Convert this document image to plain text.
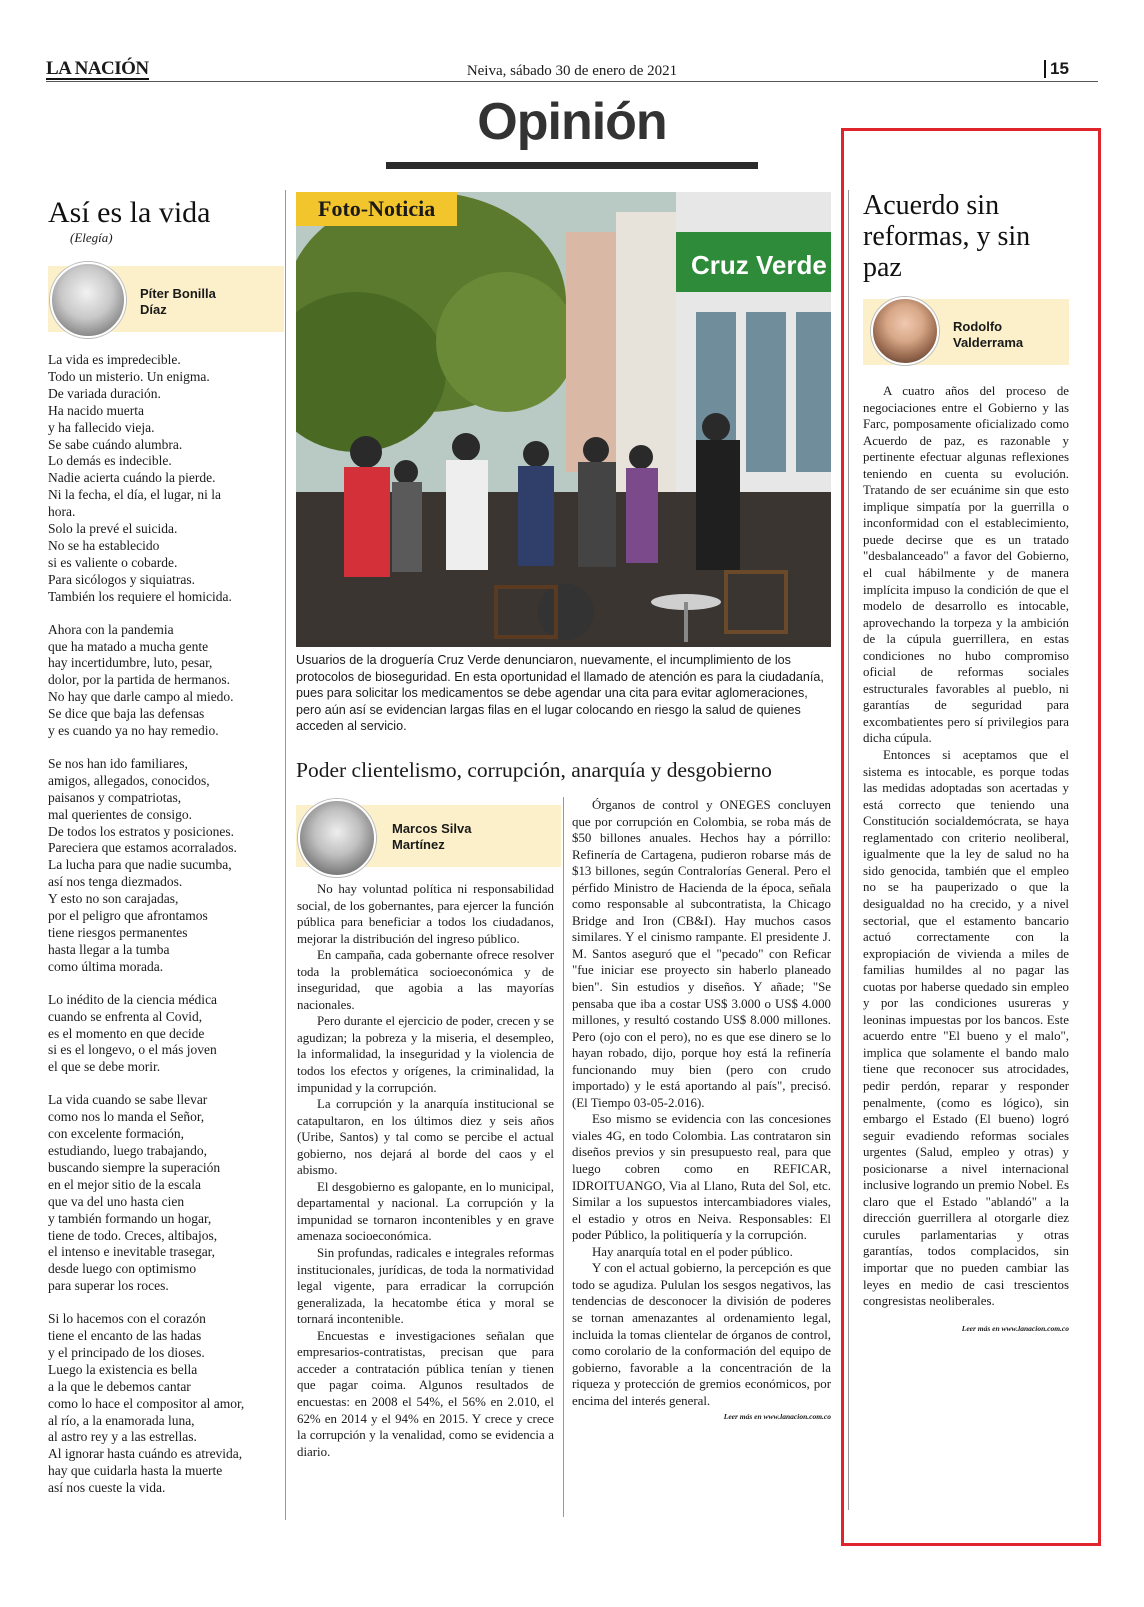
LA NACIÓN	Neiva, sábado 30 de enero de 2021	15
Opinión
Así es la vida
(Elegía)
Píter Bonilla
Díaz
La vida es impredecible.
Todo un misterio. Un enigma.
De variada duración.
Ha nacido muerta
y ha fallecido vieja.
Se sabe cuándo alumbra.
Lo demás es indecible.
Nadie acierta cuándo la pierde.
Ni la fecha, el día, el lugar, ni la
hora.
Solo la prevé el suicida.
No se ha establecido
si es valiente o cobarde.
Para sicólogos y siquiatras.
También los requiere el homicida.
Ahora con la pandemia
que ha matado a mucha gente
hay incertidumbre, luto, pesar,
dolor, por la partida de hermanos.
No hay que darle campo al miedo.
Se dice que baja las defensas
y es cuando ya no hay remedio.
Se nos han ido familiares,
amigos, allegados, conocidos,
paisanos y compatriotas,
mal querientes de consigo.
De todos los estratos y posiciones.
Pareciera que estamos acorralados.
La lucha para que nadie sucumba,
así nos tenga diezmados.
Y esto no son carajadas,
por el peligro que afrontamos
tiene riesgos permanentes
hasta llegar a la tumba
como última morada.
Lo inédito de la ciencia médica
cuando se enfrenta al Covid,
es el momento en que decide
si es el longevo, o el más joven
el que se debe morir.
La vida cuando se sabe llevar
como nos lo manda el Señor,
con excelente formación,
estudiando, luego trabajando,
buscando siempre la superación
en el mejor sitio de la escala
que va del uno hasta cien
y también formando un hogar,
tiene de todo. Creces, altibajos,
el intenso e inevitable trasegar,
desde luego con optimismo
para superar los roces.
Si lo hacemos con el corazón
tiene el encanto de las hadas
y el principado de los dioses.
Luego la existencia es bella
a la que le debemos cantar
como lo hace el compositor al amor,
al río, a la enamorada luna,
al astro rey y a las estrellas.
Al ignorar hasta cuándo es atrevida,
hay que cuidarla hasta la muerte
así nos cueste la vida.
Cruz Verde
Foto-Noticia
Usuarios de la droguería Cruz Verde denunciaron, nuevamente, el incumplimiento de los protocolos de bioseguridad. En esta oportunidad el llamado de atención es para la ciudadanía, pues para solicitar los medicamentos se debe agendar una cita para evitar aglomeraciones, pero aún así se evidencian largas filas en el lugar colocando en riesgo la salud de quienes acceden al servicio.
Poder clientelismo, corrupción, anarquía y desgobierno
Marcos Silva
Martínez

No hay voluntad política ni responsabilidad social, de los gobernantes, para ejercer la función pública para beneficiar a todos los ciudadanos, mejorar la distribución del ingreso público.

En campaña, cada gobernante ofrece resolver toda la problemática socioeconómica y de inseguridad, que agobia a las mayorías nacionales.

Pero durante el ejercicio de poder, crecen y se agudizan; la pobreza y la miseria, el desempleo, la informalidad, la inseguridad y la violencia de todos los efectos y orígenes, la criminalidad, la impunidad y la corrupción.

La corrupción y la anarquía institucional se catapultaron, en los últimos diez y seis años (Uribe, Santos) y tal como se percibe el actual gobierno, nos dejará al borde del caos y el abismo.

El desgobierno es galopante, en lo municipal, departamental y nacional. La corrupción y la impunidad se tornaron incontenibles y en grave amenaza socioeconómica.

Sin profundas, radicales e integrales reformas institucionales, jurídicas, de toda la normatividad legal vigente, para erradicar la corrupción generalizada, la hecatombe ética y moral se tornará incontenible.

Encuestas e investigaciones señalan que empresarios-contratistas, precisan que para acceder a contratación pública tenían y tienen que pagar coima. Algunos resultados de encuestas: en 2008 el 54%, el 56% en 2.010, el 62% en 2014 y el 94% en 2015. Y crece y crece la corrupción y la venalidad, como se evidencia a diario.

Órganos de control y ONEGES concluyen que por corrupción en Colombia, se roba más de $50 billones anuales. Hechos hay a pórrillo: Refinería de Cartagena, pudieron robarse más de $13 billones, según Contralorías General. Pero el pérfido Ministro de Hacienda de la época, señala como responsable al subcontratista, la Chicago Bridge and Iron (CB&I). Hay muchos casos similares. Y el cinismo rampante. El presidente J. M. Santos aseguró que el "pecado" con Reficar "fue iniciar ese proyecto sin haberlo planeado bien". Sin estudios y diseños. Y añade; "Se pensaba que iba a costar US$ 3.000 o US$ 4.000 millones, y resultó costando US$ 8.000 millones. Pero (ojo con el pero), no es que ese dinero se lo hayan robado, dijo, porque hoy está la refinería funcionando muy bien (pero con crudo importado) y le está aportando al país", precisó. (El Tiempo 03-05-2.016).

Eso mismo se evidencia con las concesiones viales 4G, en todo Colombia. Las contrataron sin diseños previos y sin presupuesto real, para que luego cobren como en REFICAR, IDROITUANGO, Via al Llano, Ruta del Sol, etc. Similar a los supuestos intercambiadores viales, el estadio y otros en Neiva. Responsables: El poder Público, la politiquería y la corrupción.

Hay anarquía total en el poder público.

Y con el actual gobierno, la percepción es que todo se agudiza. Pululan los sesgos negativos, las tendencias de desconocer la división de poderes se tornan amenazantes al ordenamiento legal, incluida la tomas clientelar de órganos de control, como corolario de la conformación del equipo de gobierno, favorable a la concentración de la riqueza y protección de gremios económicos, por encima del interés general.

Leer más en www.lanacion.com.co
Acuerdo sin reformas, y sin paz
Rodolfo
Valderrama

A cuatro años del proceso de negociaciones entre el Gobierno y las Farc, pomposamente oficializado como Acuerdo de paz, es razonable y pertinente efectuar algunas reflexiones teniendo en cuenta su evolución. Tratando de ser ecuánime sin que esto implique simpatía por la guerrilla o inconformidad con el establecimiento, puede decirse que es un tratado "desbalanceado" a favor del Gobierno, el cual hábilmente y de manera implícita impuso la condición de que el modelo de desarrollo es intocable, aprovechando la torpeza y la ambición de la cúpula guerrillera, en estas condiciones no hubo compromiso oficial de reformas sociales estructurales favorables al pueblo, ni garantías de seguridad para excombatientes pero sí privilegios para dicha cúpula.

Entonces si aceptamos que el sistema es intocable, es porque todas las medidas adoptadas son acertadas y está correcto que teniendo una Constitución socialdemócrata, se haya reglamentado con criterio neoliberal, igualmente que la ley de salud no ha sido genocida, también que el empleo no se ha pauperizado o que la desigualdad no ha crecido, y a nivel sectorial, que el estamento bancario actuó correctamente con la expropiación de vivienda a miles de familias humildes al no pagar las cuotas por haberse quedado sin empleo y por las condiciones usureras y leoninas impuestas por los bancos. Este acuerdo entre "El bueno y el malo", implica que solamente el bando malo tiene que reconocer sus atrocidades, pedir perdón, reparar y responder penalmente, (como es lógico), sin embargo el Estado (El bueno) logró seguir evadiendo reformas sociales urgentes (Salud, empleo y otras) y posicionarse a nivel internacional inclusive logrando un premio Nobel. Es claro que el Estado "ablandó" a la dirección guerrillera al otorgarle diez curules parlamentarias y otras garantías, todos complacidos, sin importar que no pueden cambiar las leyes en medio de casi trescientos congresistas neoliberales.

Leer más en www.lanacion.com.co
